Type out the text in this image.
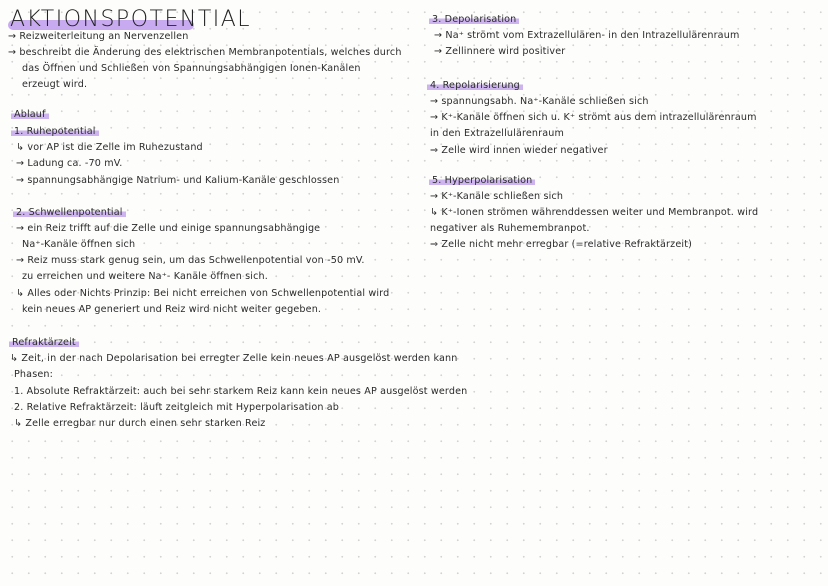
AKTIONSPOTENTIAL
→ Reizweiterleitung an Nervenzellen
→ beschreibt die Änderung des elektrischen Membranpotentials, welches durch
das Öffnen und Schließen von Spannungsabhängigen Ionen-Kanälen
erzeugt wird.
Ablauf
1. Ruhepotential
↳ vor AP ist die Zelle im Ruhezustand
→ Ladung ca. -70 mV.
→ spannungsabhängige Natrium- und Kalium-Kanäle geschlossen
2. Schwellenpotential
→ ein Reiz trifft auf die Zelle und einige spannungsabhängige
Na⁺-Kanäle öffnen sich
→ Reiz muss stark genug sein, um das Schwellenpotential von -50 mV.
zu erreichen und weitere Na⁺- Kanäle öffnen sich.
↳ Alles oder Nichts Prinzip: Bei nicht erreichen von Schwellenpotential wird
kein neues AP generiert und Reiz wird nicht weiter gegeben.
Refraktärzeit
↳ Zeit, in der nach Depolarisation bei erregter Zelle kein neues AP ausgelöst werden kann
Phasen:
1. Absolute Refraktärzeit: auch bei sehr starkem Reiz kann kein neues AP ausgelöst werden
2. Relative Refraktärzeit: läuft zeitgleich mit Hyperpolarisation ab
↳ Zelle erregbar nur durch einen sehr starken Reiz
3. Depolarisation
→ Na⁺ strömt vom Extrazellulären- in den Intrazellulärenraum
→ Zellinnere wird positiver
4. Repolarisierung
→ spannungsabh. Na⁺-Kanäle schließen sich
→ K⁺-Kanäle öffnen sich u. K⁺ strömt aus dem intrazellulärenraum
in den Extrazellulärenraum
⇒ Zelle wird innen wieder negativer
5. Hyperpolarisation
→ K⁺-Kanäle schließen sich
↳ K⁺-Ionen strömen währenddessen weiter und Membranpot. wird
negativer als Ruhemembranpot.
⇒ Zelle nicht mehr erregbar (=relative Refraktärzeit)
